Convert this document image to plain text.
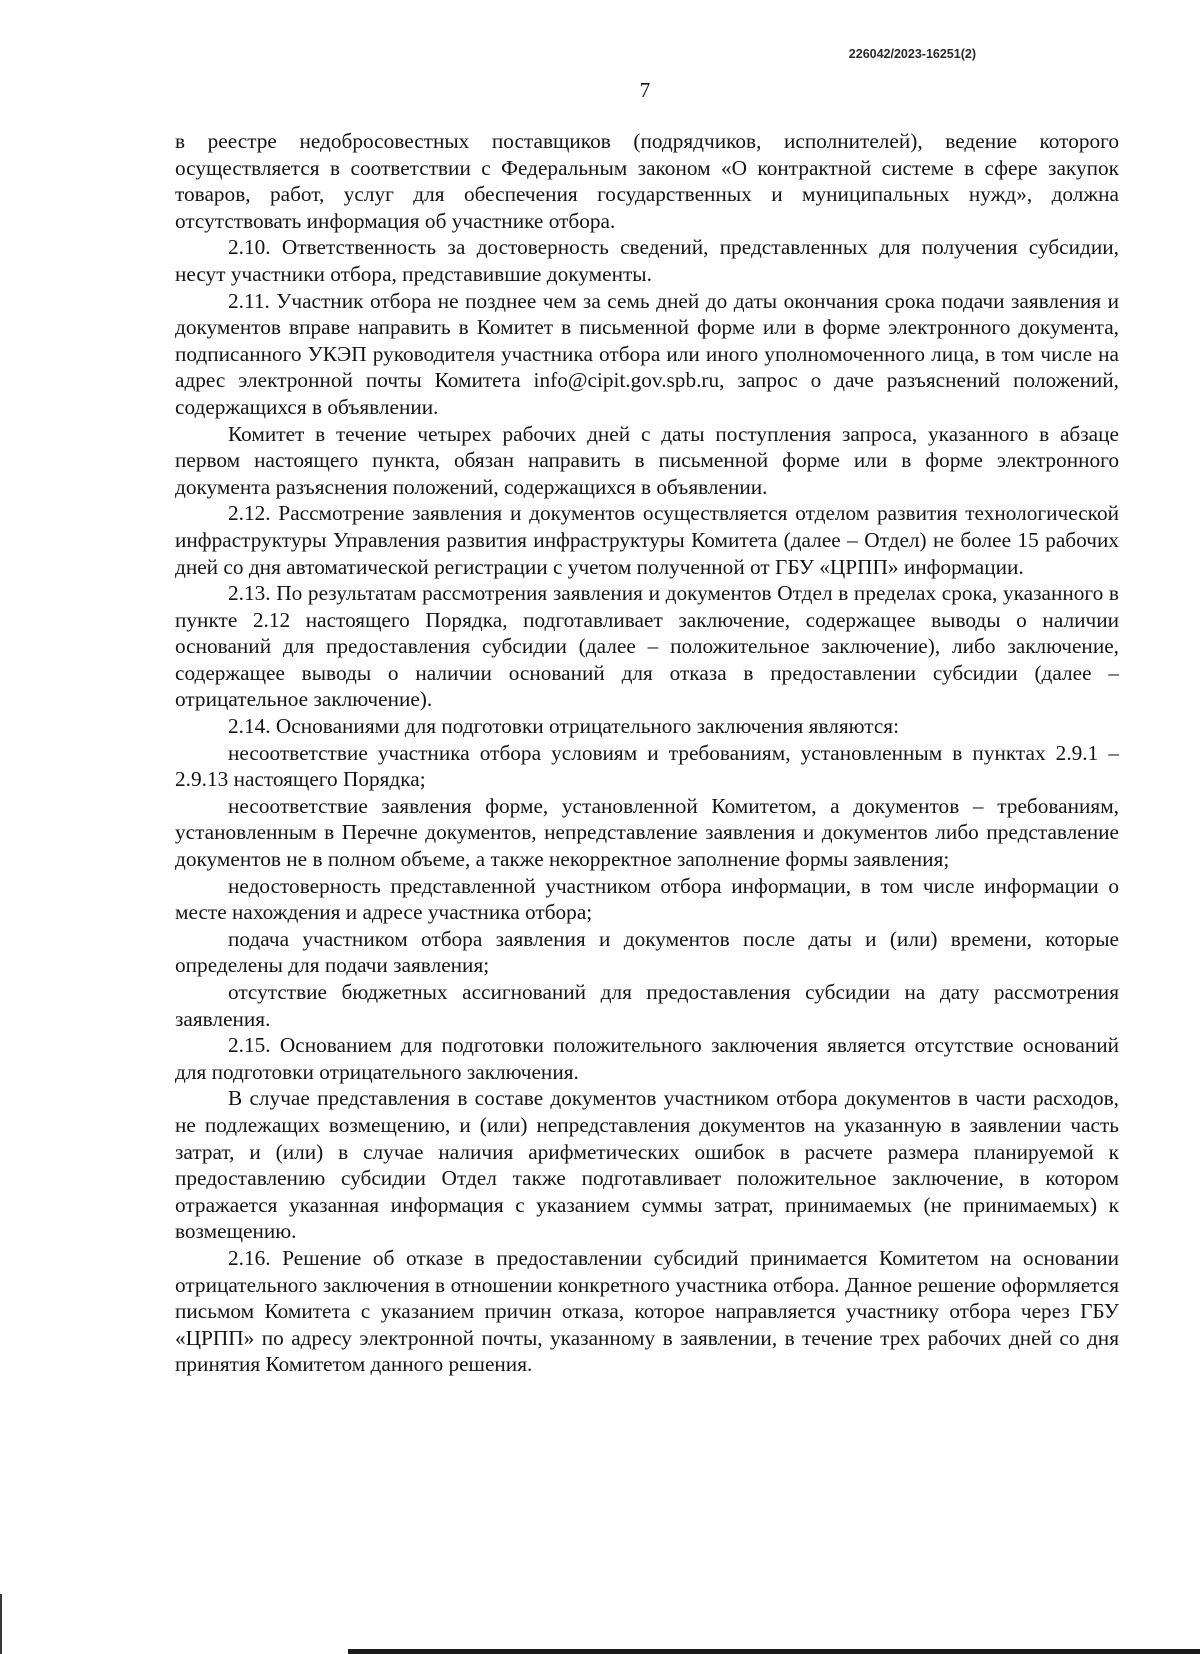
226042/2023-16251(2)
7

в реестре недобросовестных поставщиков (подрядчиков, исполнителей), ведение которого осуществляется в соответствии с Федеральным законом «О контрактной системе в сфере закупок товаров, работ, услуг для обеспечения государственных и муниципальных нужд», должна отсутствовать информация об участнике отбора.

2.10. Ответственность за достоверность сведений, представленных для получения субсидии, несут участники отбора, представившие документы.

2.11. Участник отбора не позднее чем за семь дней до даты окончания срока подачи заявления и документов вправе направить в Комитет в письменной форме или в форме электронного документа, подписанного УКЭП руководителя участника отбора или иного уполномоченного лица, в том числе на адрес электронной почты Комитета info@cipit.gov.spb.ru, запрос о даче разъяснений положений, содержащихся в объявлении.

Комитет в течение четырех рабочих дней с даты поступления запроса, указанного в абзаце первом настоящего пункта, обязан направить в письменной форме или в форме электронного документа разъяснения положений, содержащихся в объявлении.

2.12. Рассмотрение заявления и документов осуществляется отделом развития технологической инфраструктуры Управления развития инфраструктуры Комитета (далее – Отдел) не более 15 рабочих дней со дня автоматической регистрации с учетом полученной от ГБУ «ЦРПП» информации.

2.13. По результатам рассмотрения заявления и документов Отдел в пределах срока, указанного в пункте 2.12 настоящего Порядка, подготавливает заключение, содержащее выводы о наличии оснований для предоставления субсидии (далее – положительное заключение), либо заключение, содержащее выводы о наличии оснований для отказа в предоставлении субсидии (далее – отрицательное заключение).

2.14. Основаниями для подготовки отрицательного заключения являются:

несоответствие участника отбора условиям и требованиям, установленным в пунктах 2.9.1 – 2.9.13 настоящего Порядка;

несоответствие заявления форме, установленной Комитетом, а документов – требованиям, установленным в Перечне документов, непредставление заявления и документов либо представление документов не в полном объеме, а также некорректное заполнение формы заявления;

недостоверность представленной участником отбора информации, в том числе информации о месте нахождения и адресе участника отбора;

подача участником отбора заявления и документов после даты и (или) времени, которые определены для подачи заявления;

отсутствие бюджетных ассигнований для предоставления субсидии на дату рассмотрения заявления.

2.15. Основанием для подготовки положительного заключения является отсутствие оснований для подготовки отрицательного заключения.

В случае представления в составе документов участником отбора документов в части расходов, не подлежащих возмещению, и (или) непредставления документов на указанную в заявлении часть затрат, и (или) в случае наличия арифметических ошибок в расчете размера планируемой к предоставлению субсидии Отдел также подготавливает положительное заключение, в котором отражается указанная информация с указанием суммы затрат, принимаемых (не принимаемых) к возмещению.

2.16. Решение об отказе в предоставлении субсидий принимается Комитетом на основании отрицательного заключения в отношении конкретного участника отбора. Данное решение оформляется письмом Комитета с указанием причин отказа, которое направляется участнику отбора через ГБУ «ЦРПП» по адресу электронной почты, указанному в заявлении, в течение трех рабочих дней со дня принятия Комитетом данного решения.
